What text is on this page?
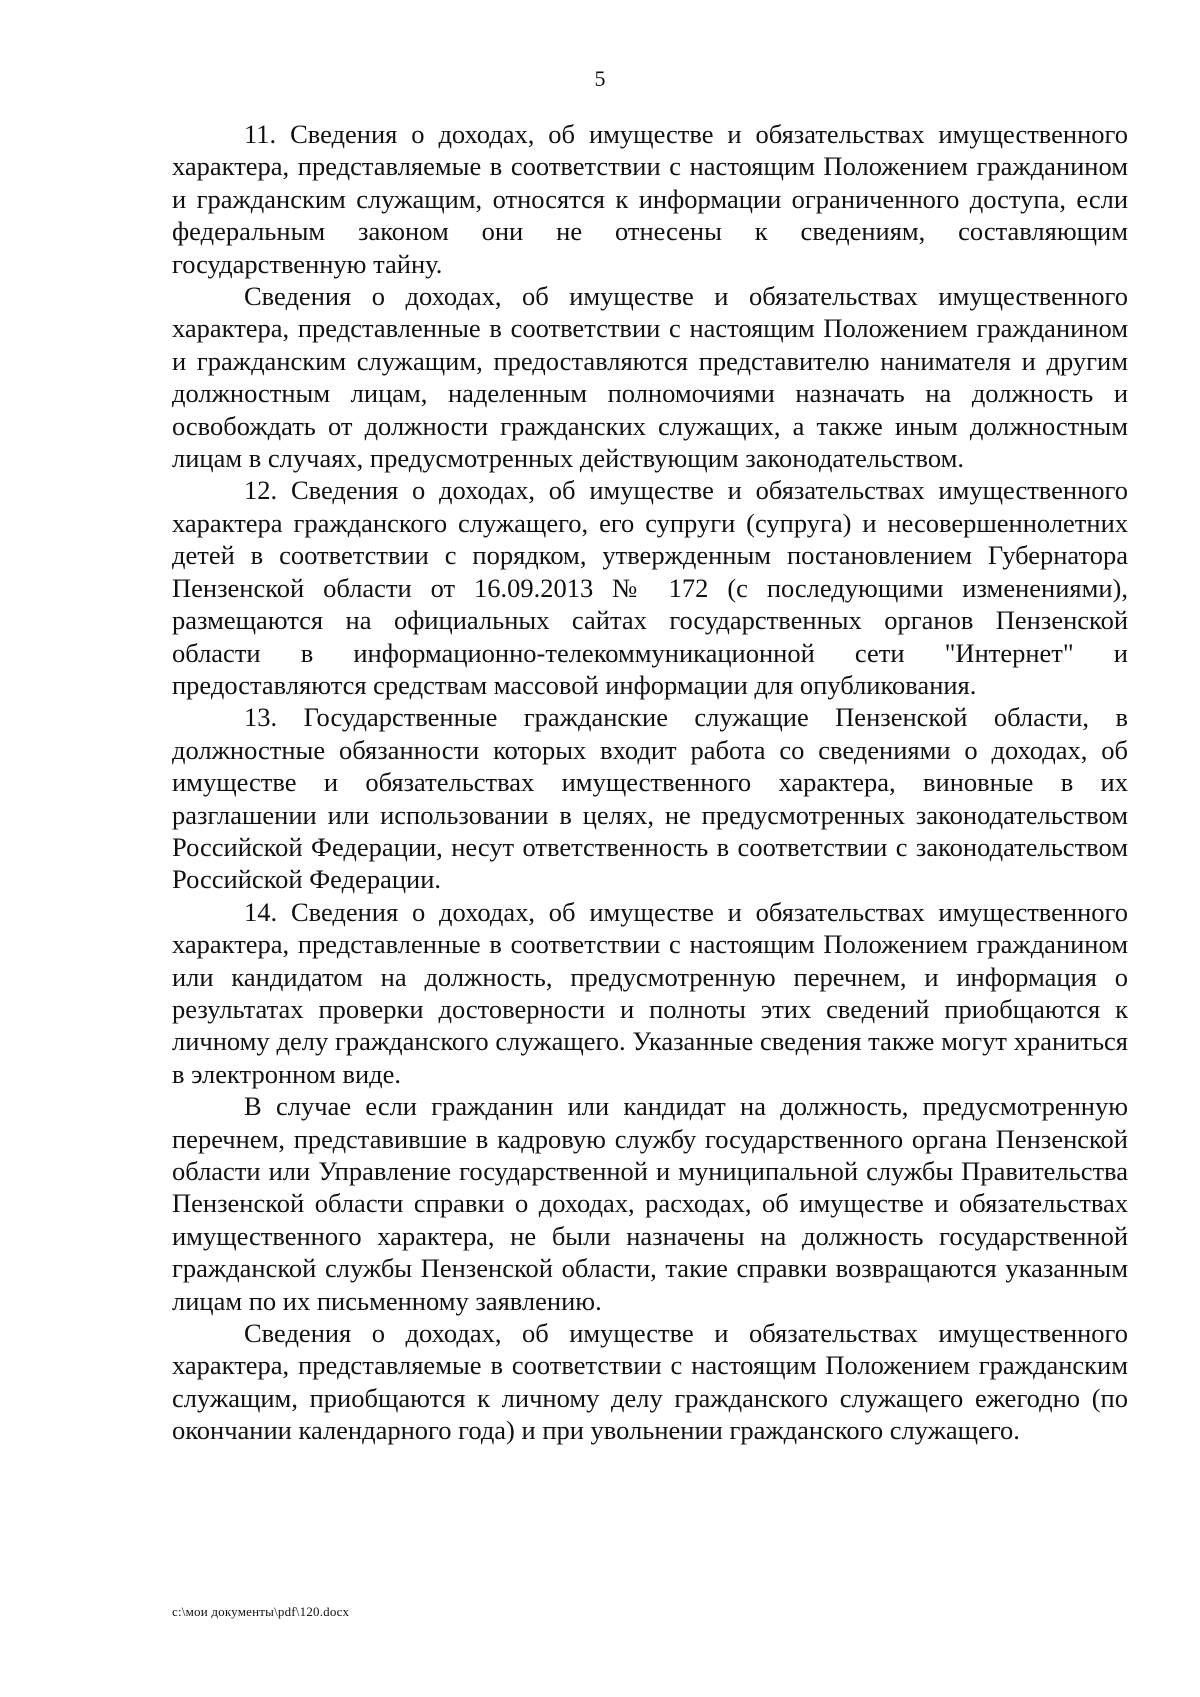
5

11. Сведения о доходах, об имуществе и обязательствах имущественного характера, представляемые в соответствии с настоящим Положением гражданином и гражданским служащим, относятся к информации ограниченного доступа, если федеральным законом они не отнесены к сведениям, составляющим государственную тайну.

Сведения о доходах, об имуществе и обязательствах имущественного характера, представленные в соответствии с настоящим Положением гражданином и гражданским служащим, предоставляются представителю нанимателя и другим должностным лицам, наделенным полномочиями назначать на должность и освобождать от должности гражданских служащих, а также иным должностным лицам в случаях, предусмотренных действующим законодательством.

12. Сведения о доходах, об имуществе и обязательствах имущественного характера гражданского служащего, его супруги (супруга) и несовершеннолетних детей в соответствии с порядком, утвержденным постановлением Губернатора Пензенской области от 16.09.2013 № 172 (с последующими изменениями), размещаются на официальных сайтах государственных органов Пензенской области в информационно-телекоммуникационной сети "Интернет" и предоставляются средствам массовой информации для опубликования.

13. Государственные гражданские служащие Пензенской области, в должностные обязанности которых входит работа со сведениями о доходах, об имуществе и обязательствах имущественного характера, виновные в их разглашении или использовании в целях, не предусмотренных законодательством Российской Федерации, несут ответственность в соответствии с законодательством Российской Федерации.

14. Сведения о доходах, об имуществе и обязательствах имущественного характера, представленные в соответствии с настоящим Положением гражданином или кандидатом на должность, предусмотренную перечнем, и информация о результатах проверки достоверности и полноты этих сведений приобщаются к личному делу гражданского служащего. Указанные сведения также могут храниться в электронном виде.

В случае если гражданин или кандидат на должность, предусмотренную перечнем, представившие в кадровую службу государственного органа Пензенской области или Управление государственной и муниципальной службы Правительства Пензенской области справки о доходах, расходах, об имуществе и обязательствах имущественного характера, не были назначены на должность государственной гражданской службы Пензенской области, такие справки возвращаются указанным лицам по их письменному заявлению.

Сведения о доходах, об имуществе и обязательствах имущественного характера, представляемые в соответствии с настоящим Положением гражданским служащим, приобщаются к личному делу гражданского служащего ежегодно (по окончании календарного года) и при увольнении гражданского служащего.

c:\мои документы\pdf\120.docx
